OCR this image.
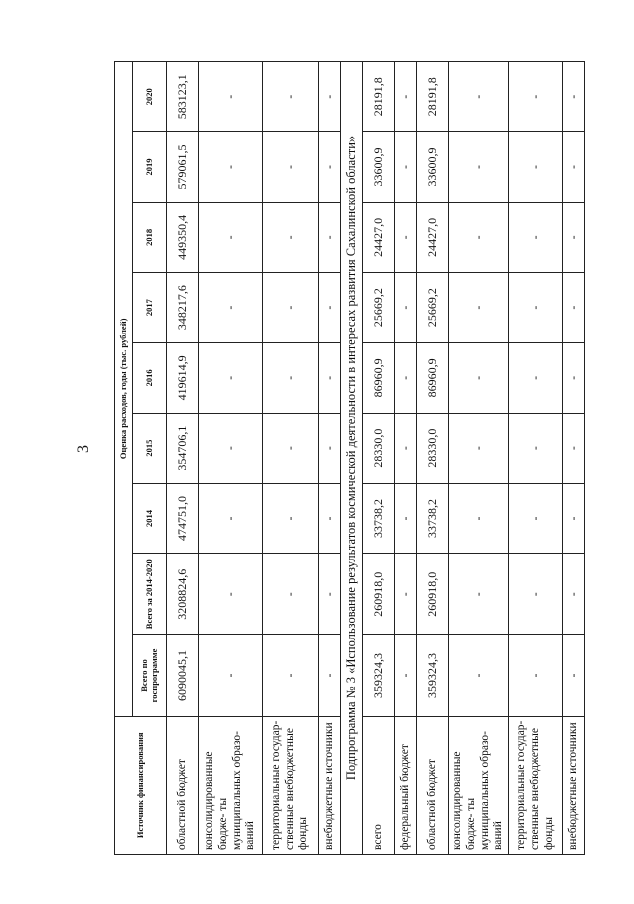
3
Источник финансирования	Оценка расходов, годы (тыс. рублей)								
	Всего по госпрограмме	Всего за 2014-2020	2014	2015	2016	2017	2018	2019	2020
областной бюджет	6090045,1	3208824,6	474751,0	354706,1	419614,9	348217,6	449350,4	579061,5	583123,1
консолидированные бюдже- ты муниципальных образо- ваний	-	-	-	-	-	-	-	-	-
территориальные государ- ственные внебюджетные фонды	-	-	-	-	-	-	-	-	-
внебюджетные источники	-	-	-	-	-	-	-	-	-
Подпрограмма № 3 «Использование результатов космической деятельности в интересах развития Сахалинской области»									
всего	359324,3	260918,0	33738,2	28330,0	86960,9	25669,2	24427,0	33600,9	28191,8
федеральный бюджет	-	-	-	-	-	-	-	-	-
областной бюджет	359324,3	260918,0	33738,2	28330,0	86960,9	25669,2	24427,0	33600,9	28191,8
консолидированные бюдже- ты муниципальных образо- ваний	-	-	-	-	-	-	-	-	-
территориальные государ- ственные внебюджетные фонды	-	-	-	-	-	-	-	-	-
внебюджетные источники	-	-	-	-	-	-	-	-	-
